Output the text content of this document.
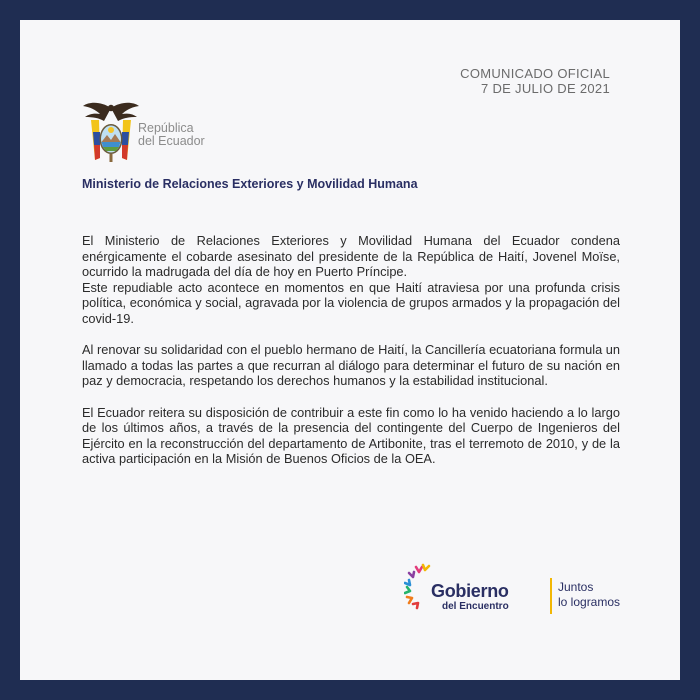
COMUNICADO OFICIAL
7 DE JULIO DE 2021
República
del Ecuador
Ministerio de Relaciones Exteriores y Movilidad Humana

El Ministerio de Relaciones Exteriores y Movilidad Humana del Ecuador condena enérgicamente el cobarde asesinato del presidente de la República de Haití, Jovenel Moïse, ocurrido la madrugada del día de hoy en Puerto Príncipe.
Este repudiable acto acontece en momentos en que Haití atraviesa por una profunda crisis política, económica y social, agravada por la violencia de grupos armados y la propagación del covid-19.

Al renovar su solidaridad con el pueblo hermano de Haití, la Cancillería ecuatoriana formula un llamado a todas las partes a que recurran al diálogo para determinar el futuro de su nación en paz y democracia, respetando los derechos humanos y la estabilidad institucional.

El Ecuador reitera su disposición de contribuir a este fin como lo ha venido haciendo a lo largo de los últimos años, a través de la presencia del contingente del Cuerpo de Ingenieros del Ejército en la reconstrucción del departamento de Artibonite, tras el terremoto de 2010, y de la activa participación en la Misión de Buenos Oficios de la OEA.

Gobierno
del Encuentro
Juntos
lo logramos
